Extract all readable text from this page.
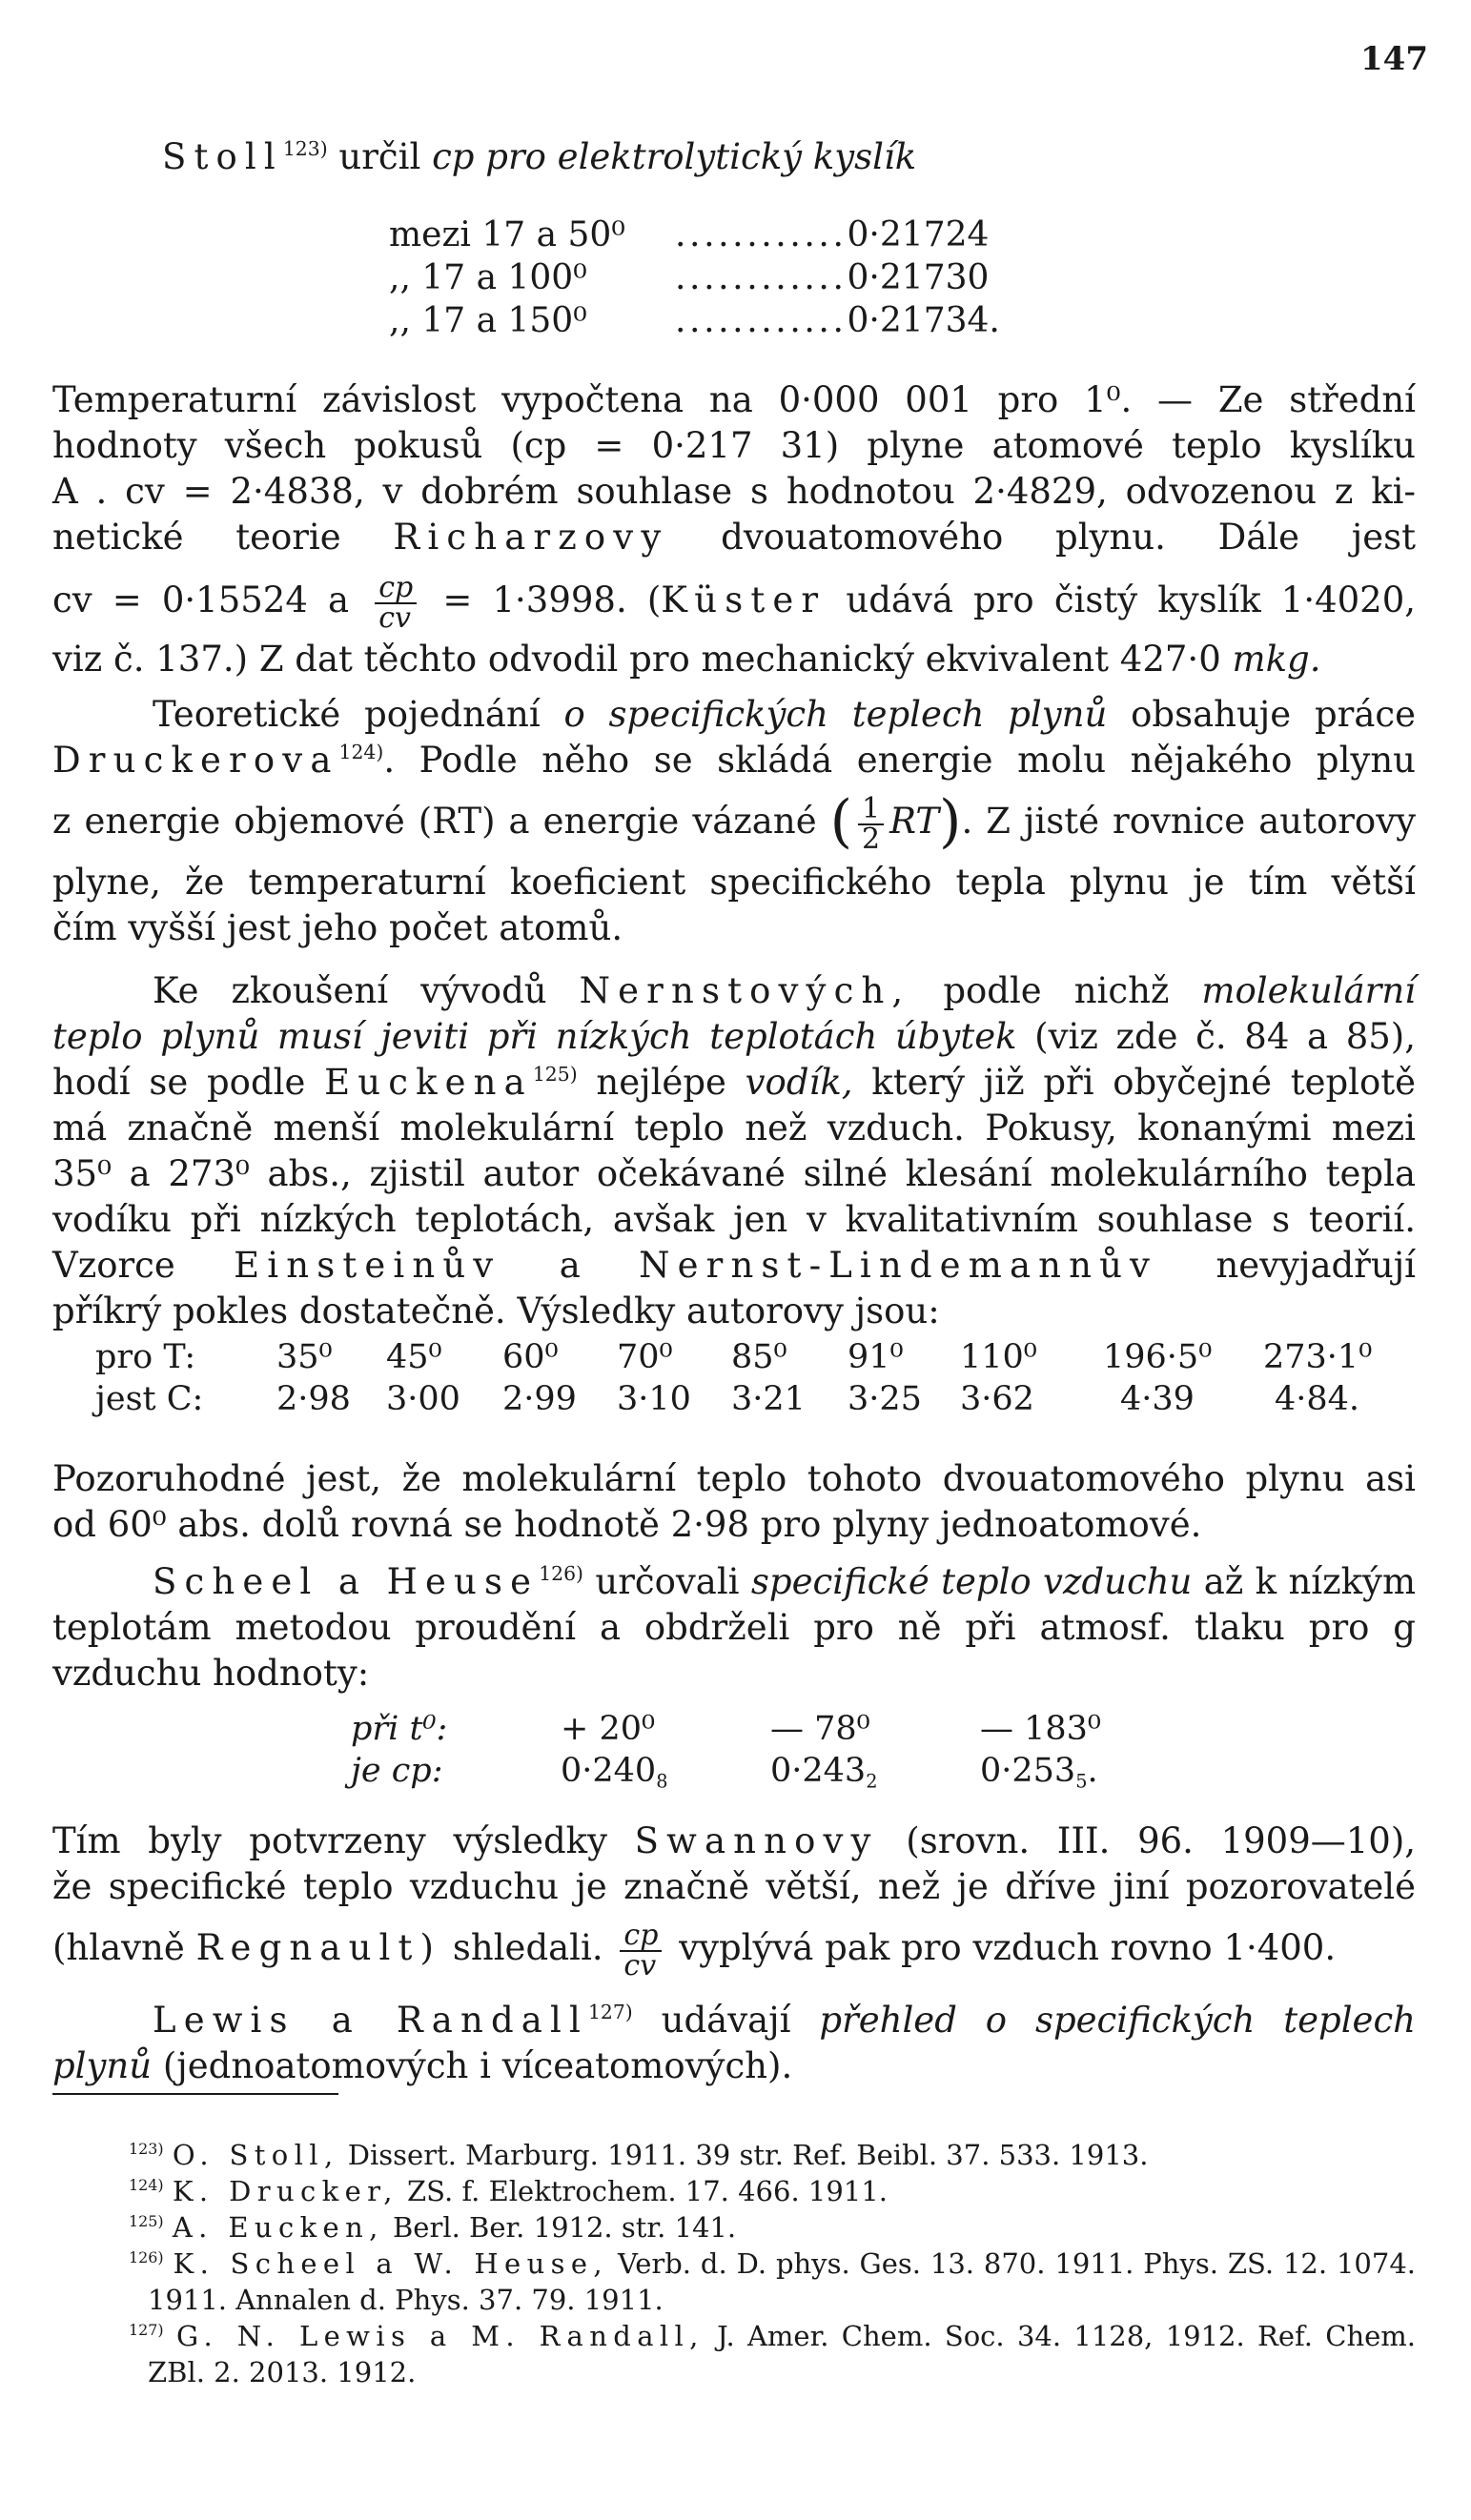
147
Stoll$^{123)}$ určil cp pro elektrolytický kyslík
mezi 17 a 50⁰	............	0·21724
,, 17 a 100⁰	............	0·21730
,, 17 a 150⁰	............	0·21734.
Temperaturní závislost vypočtena na 0·000 001 pro 1⁰. — Ze střední
hodnoty všech pokusů (cp = 0·217 31) plyne atomové teplo kyslíku
A . cv = 2·4838, v dobrém souhlase s hodnotou 2·4829, odvozenou z ki-
netické teorie Richarzovy dvouatomového plynu. Dále jest
cv = 0·15524 a $\frac{cp}{cv} = 1\cdot 3998$. (Küster udává pro čistý kyslík 1·4020,
viz č. 137.) Z dat těchto odvodil pro mechanický ekvivalent 427·0 mkg.
Teoretické pojednání o specifických teplech plynů obsahuje práce
Druckerova$^{124)}$. Podle něho se skládá energie molu nějakého plynu
z energie objemové (RT) a energie vázané ( $\frac{1}{2} RT$). Z jisté rovnice autorovy
plyne, že temperaturní koeficient specifického tepla plynu je tím větší
čím vyšší jest jeho počet atomů.
Ke zkoušení vývodů Nernstových, podle nichž molekulární
teplo plynů musí jeviti při nízkých teplotách úbytek (viz zde č. 84 a 85),
hodí se podle Euckena$^{125)}$ nejlépe vodík, který již při obyčejné teplotě
má značně menší molekulární teplo než vzduch. Pokusy, konanými mezi
35⁰ a 273⁰ abs., zjistil autor očekávané silné klesání molekulárního tepla
vodíku při nízkých teplotách, avšak jen v kvalitativním souhlase s teorií.
Vzorce Einsteinův a Nernst-Lindemannův nevyjadřují
příkrý pokles dostatečně. Výsledky autorovy jsou:
pro T:	35⁰	45⁰	60⁰	70⁰	85⁰	91⁰	110⁰	196·5⁰	273·1⁰
jest C:	2·98	3·00	2·99	3·10	3·21	3·25	3·62	4·39	4·84.
Pozoruhodné jest, že molekulární teplo tohoto dvouatomového plynu asi
od 60⁰ abs. dolů rovná se hodnotě 2·98 pro plyny jednoatomové.
Scheel a Heuse$^{126)}$ určovali specifické teplo vzduchu až k nízkým
teplotám metodou proudění a obdrželi pro ně při atmosf. tlaku pro g
vzduchu hodnoty:
při t⁰:	+ 20⁰	— 78⁰	— 183⁰
je cp:	$0\cdot 240_8$	$0\cdot 243_2$	$0\cdot 253_5$.
Tím byly potvrzeny výsledky Swannovy (srovn. III. 96. 1909—10),
že specifické teplo vzduchu je značně větší, než je dříve jiní pozorovatelé
(hlavně Regnault) shledali. $\frac{cp}{cv}$ vyplývá pak pro vzduch rovno 1·400.
Lewis a Randall$^{127)}$ udávají přehled o specifických teplech
plynů (jednoatomových i víceatomových).

$^{123)}$ O. Stoll, Dissert. Marburg. 1911. 39 str. Ref. Beibl. 37. 533. 1913.

$^{124)}$ K. Drucker, ZS. f. Elektrochem. 17. 466. 1911.

$^{125)}$ A. Eucken, Berl. Ber. 1912. str. 141.

$^{126)}$ K. Scheel a W. Heuse, Verb. d. D. phys. Ges. 13. 870. 1911. Phys. ZS. 12. 1074. 1911. Annalen d. Phys. 37. 79. 1911.

$^{127)}$ G. N. Lewis a M. Randall, J. Amer. Chem. Soc. 34. 1128, 1912. Ref. Chem. ZBl. 2. 2013. 1912.
